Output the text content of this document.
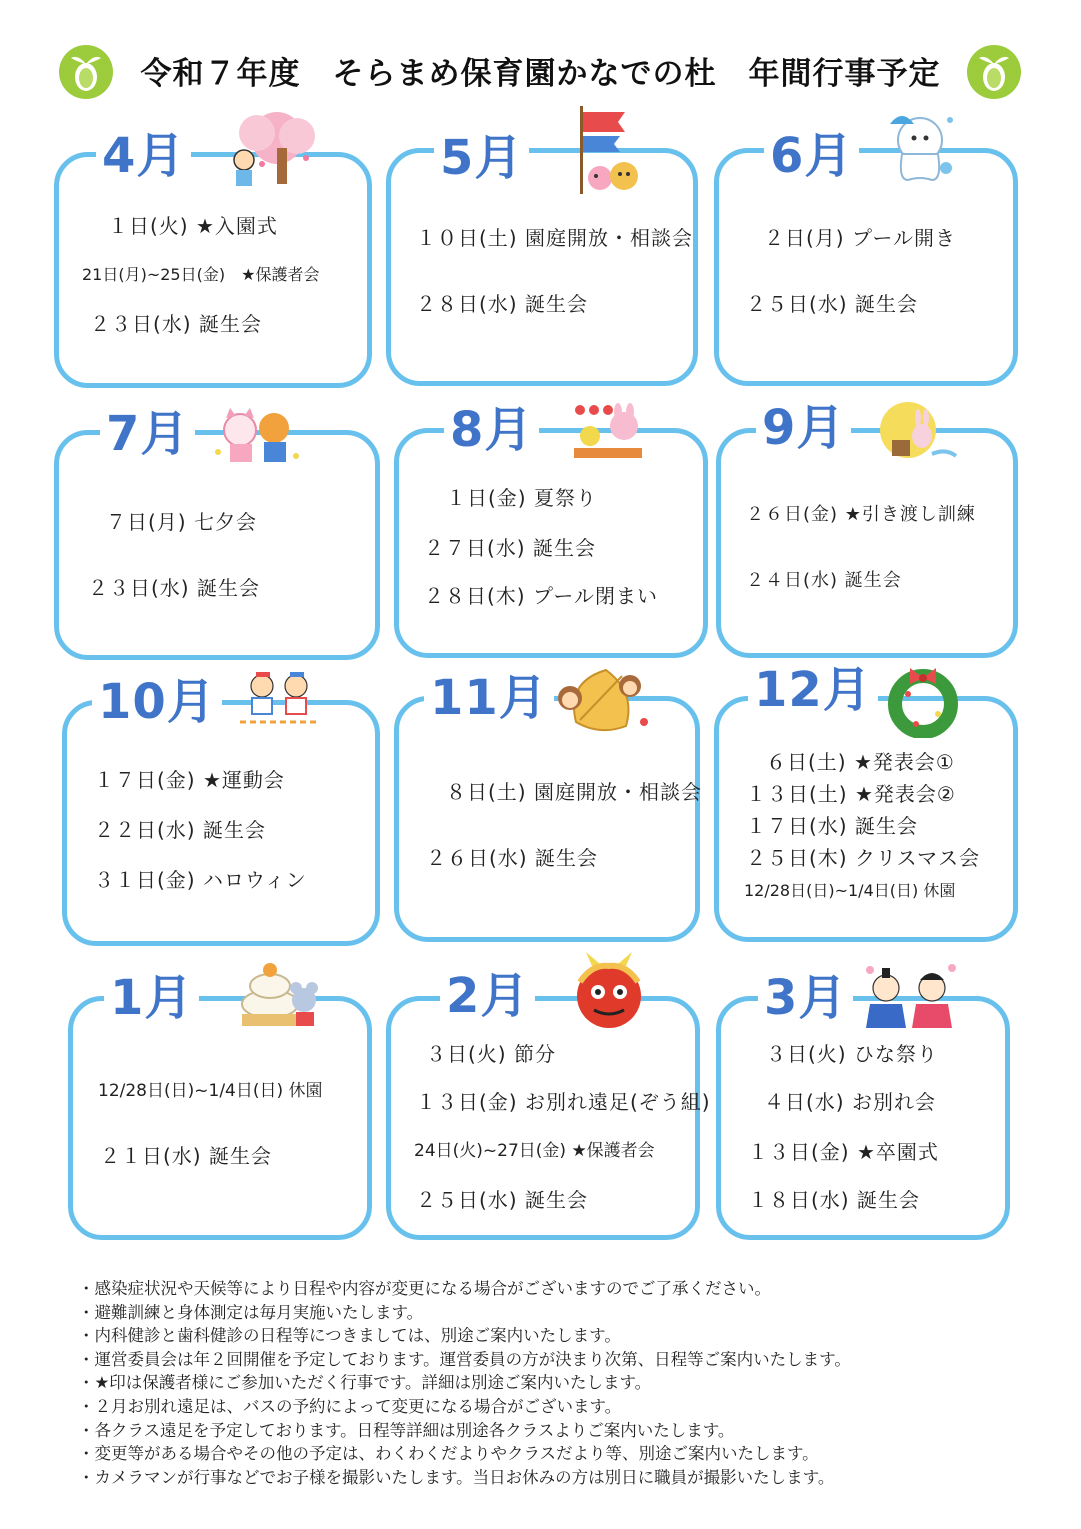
令和７年度　そらまめ保育園かなでの杜　年間行事予定
4月
１日(火) ★入園式
21日(月)~25日(金)　★保護者会
２３日(水) 誕生会
5月
１０日(土) 園庭開放・相談会
２８日(水) 誕生会
6月
２日(月) プール開き
２５日(水) 誕生会
7月
７日(月) 七夕会
２３日(水) 誕生会
8月
１日(金) 夏祭り
２７日(水) 誕生会
２８日(木) プール閉まい
9月
２６日(金) ★引き渡し訓練
２４日(水) 誕生会
10月
１７日(金) ★運動会
２２日(水) 誕生会
３１日(金) ハロウィン
11月
８日(土) 園庭開放・相談会
２６日(水) 誕生会
12月
６日(土) ★発表会①
１３日(土) ★発表会②
１７日(水) 誕生会
２５日(木) クリスマス会
12/28日(日)~1/4日(日) 休園
1月
12/28日(日)~1/4日(日) 休園
２１日(水) 誕生会
2月
３日(火) 節分
１３日(金) お別れ遠足(ぞう組)
24日(火)~27日(金) ★保護者会
２５日(水) 誕生会
3月
３日(火) ひな祭り
４日(水) お別れ会
１３日(金) ★卒園式
１８日(水) 誕生会
・感染症状況や天候等により日程や内容が変更になる場合がございますのでご了承ください。
・避難訓練と身体測定は毎月実施いたします。
・内科健診と歯科健診の日程等につきましては、別途ご案内いたします。
・運営委員会は年２回開催を予定しております。運営委員の方が決まり次第、日程等ご案内いたします。
・★印は保護者様にご参加いただく行事です。詳細は別途ご案内いたします。
・２月お別れ遠足は、バスの予約によって変更になる場合がございます。
・各クラス遠足を予定しております。日程等詳細は別途各クラスよりご案内いたします。
・変更等がある場合やその他の予定は、わくわくだよりやクラスだより等、別途ご案内いたします。
・カメラマンが行事などでお子様を撮影いたします。当日お休みの方は別日に職員が撮影いたします。
